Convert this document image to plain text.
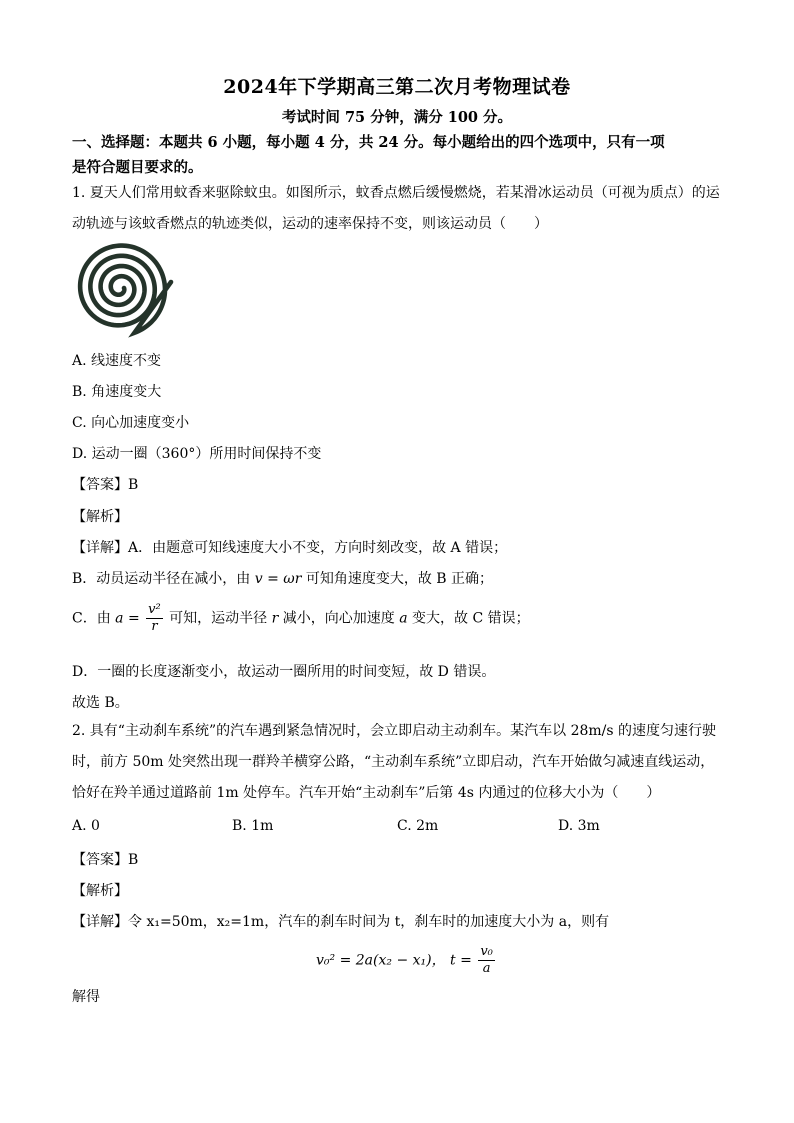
2024年下学期高三第二次月考物理试卷
考试时间 75 分钟，满分 100 分。
一、选择题：本题共 6 小题，每小题 4 分，共 24 分。每小题给出的四个选项中，只有一项
是符合题目要求的。
1. 夏天人们常用蚊香来驱除蚊虫。如图所示，蚊香点燃后缓慢燃烧，若某滑冰运动员（可视为质点）的运
动轨迹与该蚊香燃点的轨迹类似，运动的速率保持不变，则该运动员（　　）
A. 线速度不变
B. 角速度变大
C. 向心加速度变小
D. 运动一圈（360°）所用时间保持不变
【答案】B
【解析】
【详解】A．由题意可知线速度大小不变，方向时刻改变，故 A 错误；
B．动员运动半径在减小，由 v = ωr 可知角速度变大，故 B 正确；
C．由 $a = \frac{\text{v²}}{r}$ 可知，运动半径 r 减小，向心加速度 a 变大，故 C 错误；
D．一圈的长度逐渐变小，故运动一圈所用的时间变短，故 D 错误。
故选 B。
2. 具有“主动刹车系统”的汽车遇到紧急情况时，会立即启动主动刹车。某汽车以 28m/s 的速度匀速行驶
时，前方 50m 处突然出现一群羚羊横穿公路，“主动刹车系统”立即启动，汽车开始做匀减速直线运动，
恰好在羚羊通过道路前 1m 处停车。汽车开始“主动刹车”后第 4s 内通过的位移大小为（　　）
A. 0	B. 1m	C. 2m	D. 3m
【答案】B
【解析】
【详解】令 x₁=50m，x₂=1m，汽车的刹车时间为 t，刹车时的加速度大小为 a，则有
v₀² = 2a(x₂ − x₁)， $t = \frac{\text{v₀}}{a}$
解得
